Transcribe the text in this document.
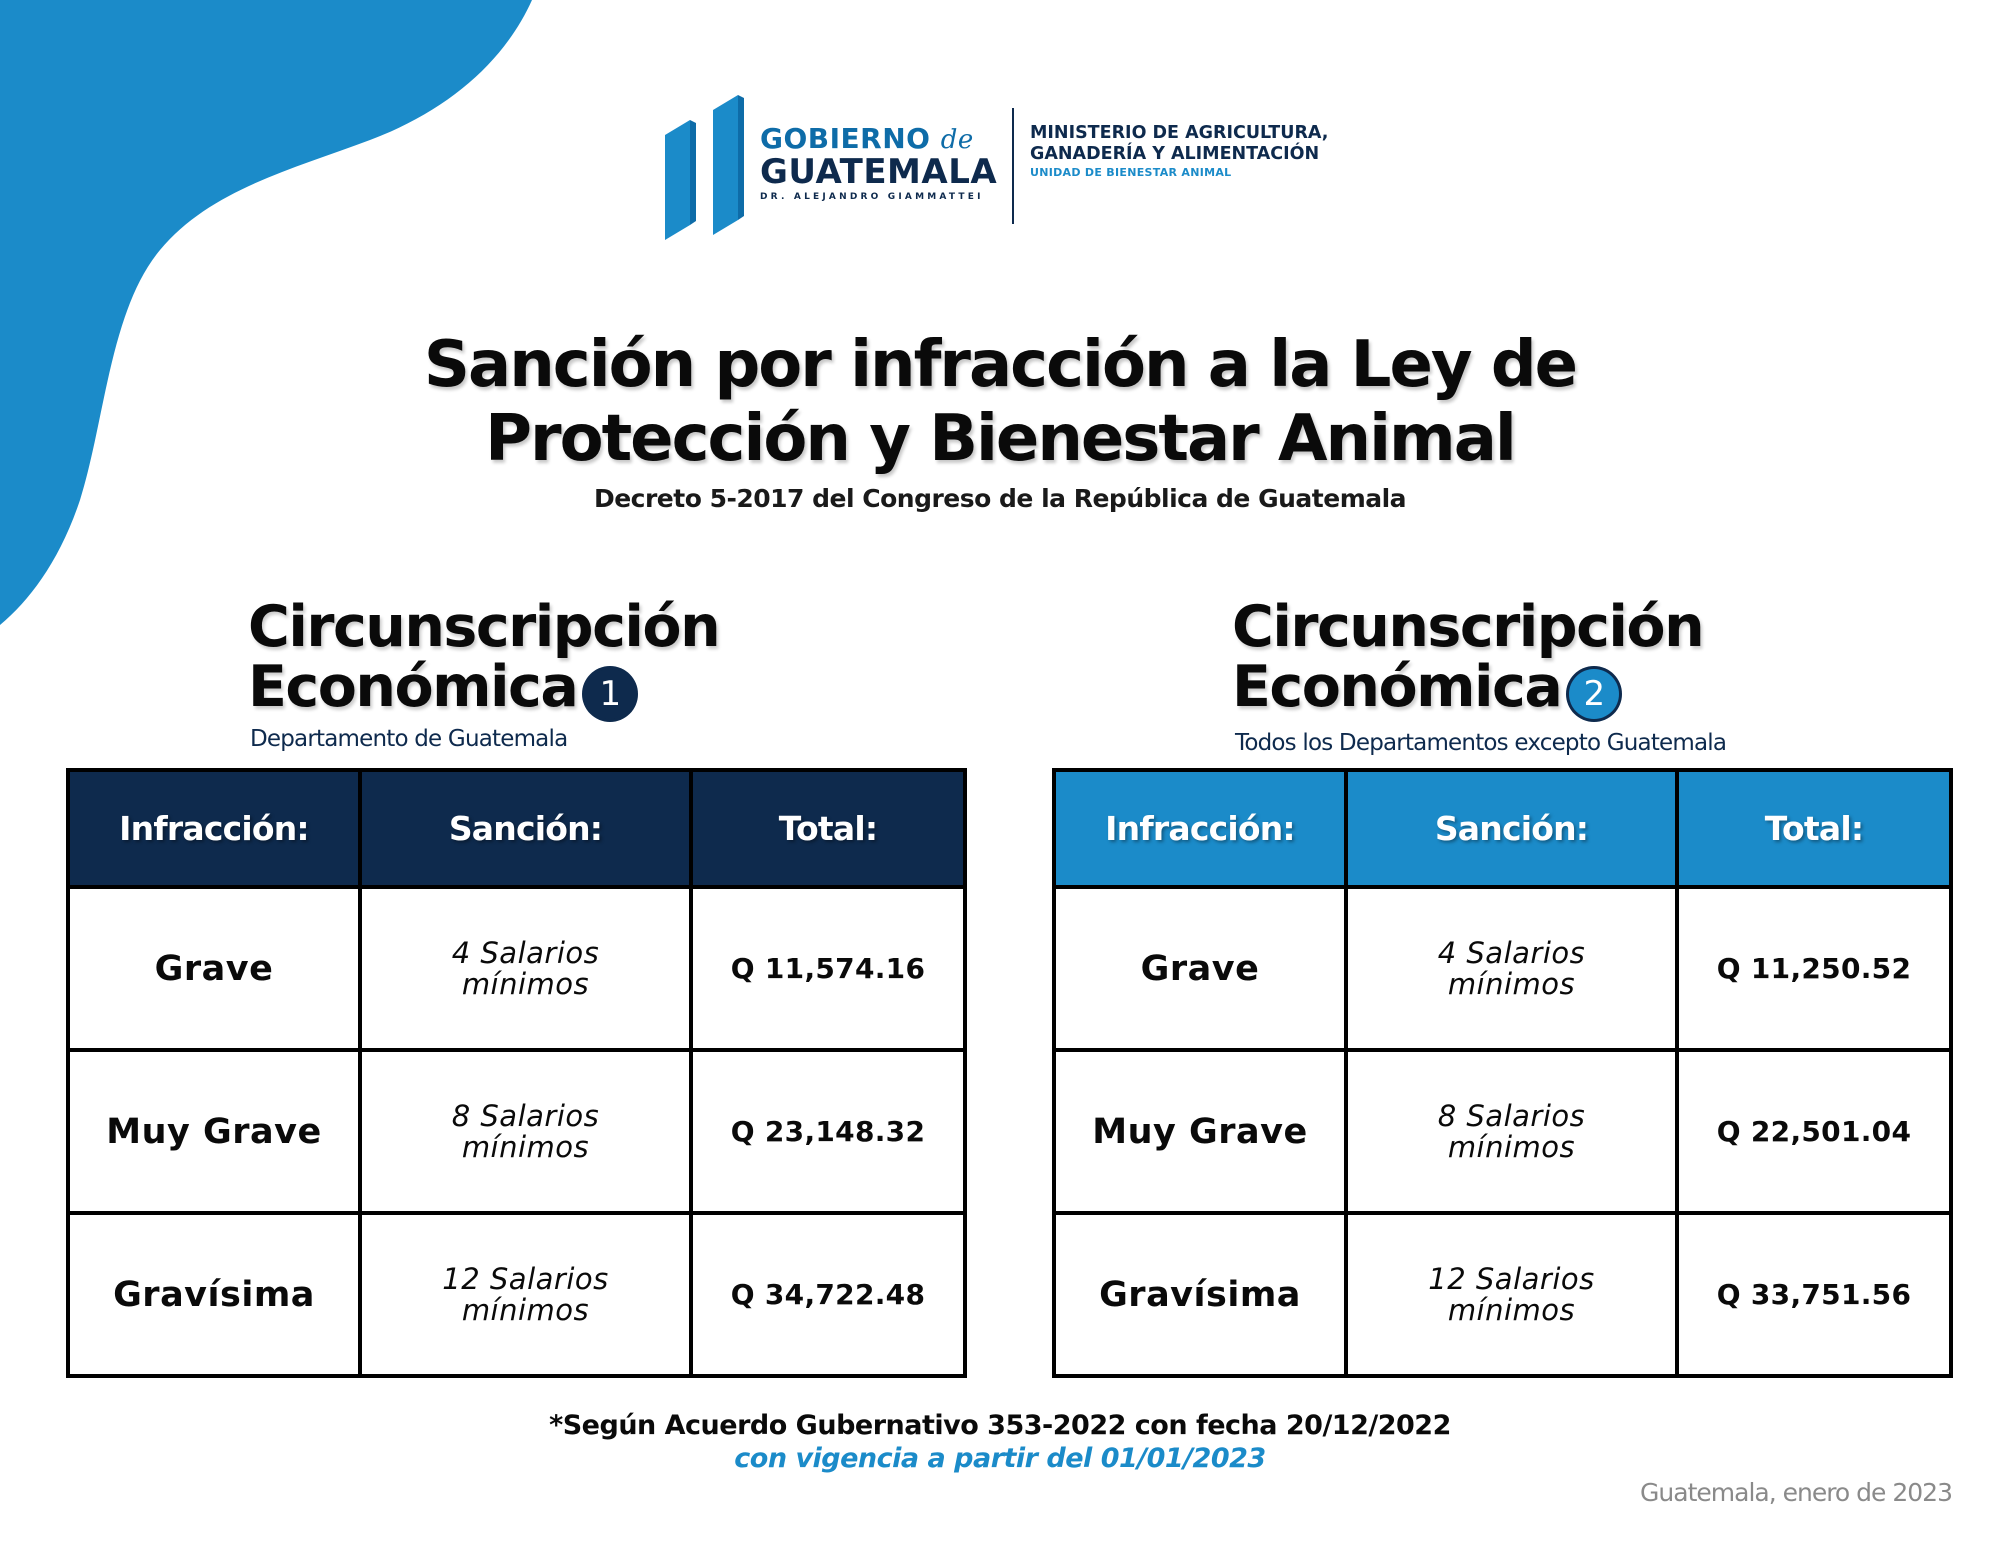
GOBIERNO de
GUATEMALA
DR. ALEJANDRO GIAMMATTEI
MINISTERIO DE AGRICULTURA,
GANADERÍA Y ALIMENTACIÓN
UNIDAD DE BIENESTAR ANIMAL
Sanción por infracción a la Ley de
Protección y Bienestar Animal
Decreto 5-2017 del Congreso de la República de Guatemala
Circunscripción
Económica 1
Departamento de Guatemala
Circunscripción
Económica 2
Todos los Departamentos excepto Guatemala
Infracción:	Sanción:	Total:
Grave	4 Salarios mínimos	Q 11,574.16
Muy Grave	8 Salarios mínimos	Q 23,148.32
Gravísima	12 Salarios mínimos	Q 34,722.48
Infracción:	Sanción:	Total:
Grave	4 Salarios mínimos	Q 11,250.52
Muy Grave	8 Salarios mínimos	Q 22,501.04
Gravísima	12 Salarios mínimos	Q 33,751.56
*Según Acuerdo Gubernativo 353-2022 con fecha 20/12/2022
con vigencia a partir del 01/01/2023
Guatemala, enero de 2023
